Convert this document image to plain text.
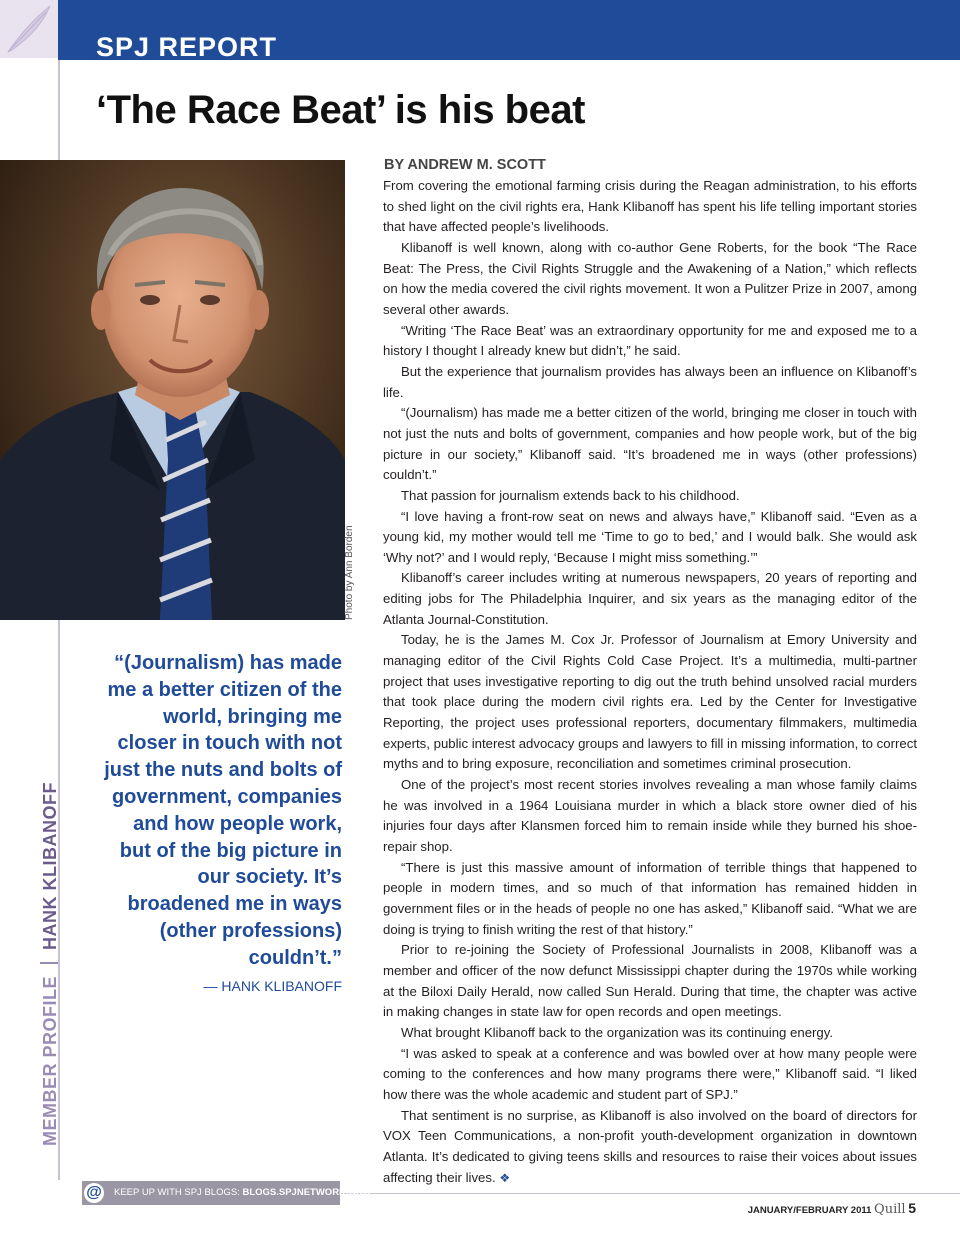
SPJ REPORT
‘The Race Beat’ is his beat
Photo by Ann Borden
MEMBER PROFILEHANK KLIBANOFF
“(Journalism) has made me a better citizen of the world, bringing me closer in touch with not just the nuts and bolts of government, companies and how people work, but of the big picture in our society. It’s broadened me in ways (other professions) couldn’t.”
— HANK KLIBANOFF
BY ANDREW M. SCOTT

From covering the emotional farming crisis during the Reagan administration, to his efforts to shed light on the civil rights era, Hank Klibanoff has spent his life telling important stories that have affected people’s livelihoods.

Klibanoff is well known, along with co-author Gene Roberts, for the book “The Race Beat: The Press, the Civil Rights Struggle and the Awakening of a Nation,” which reflects on how the media covered the civil rights movement. It won a Pulitzer Prize in 2007, among several other awards.

“Writing ‘The Race Beat’ was an extraordinary opportunity for me and exposed me to a history I thought I already knew but didn’t,” he said.

But the experience that journalism provides has always been an influence on Klibanoff’s life.

“(Journalism) has made me a better citizen of the world, bringing me closer in touch with not just the nuts and bolts of government, companies and how people work, but of the big picture in our society,” Klibanoff said. “It’s broadened me in ways (other professions) couldn’t.”

That passion for journalism extends back to his childhood.

“I love having a front-row seat on news and always have,” Klibanoff said. “Even as a young kid, my mother would tell me ‘Time to go to bed,’ and I would balk. She would ask ‘Why not?’ and I would reply, ‘Because I might miss something.’”

Klibanoff’s career includes writing at numerous newspapers, 20 years of reporting and editing jobs for The Philadelphia Inquirer, and six years as the managing editor of the Atlanta Journal-Constitution.

Today, he is the James M. Cox Jr. Professor of Journalism at Emory University and managing editor of the Civil Rights Cold Case Project. It’s a multimedia, multi-partner project that uses investigative reporting to dig out the truth behind unsolved racial murders that took place during the modern civil rights era. Led by the Center for Investigative Reporting, the project uses professional reporters, documentary filmmakers, multimedia experts, public interest advocacy groups and lawyers to fill in missing information, to correct myths and to bring exposure, reconciliation and sometimes criminal prosecution.

One of the project’s most recent stories involves revealing a man whose family claims he was involved in a 1964 Louisiana murder in which a black store owner died of his injuries four days after Klansmen forced him to remain inside while they burned his shoe-repair shop.

“There is just this massive amount of information of terrible things that happened to people in modern times, and so much of that information has remained hidden in government files or in the heads of people no one has asked,” Klibanoff said. “What we are doing is trying to finish writing the rest of that history.”

Prior to re-joining the Society of Professional Journalists in 2008, Klibanoff was a member and officer of the now defunct Mississippi chapter during the 1970s while working at the Biloxi Daily Herald, now called Sun Herald. During that time, the chapter was active in making changes in state law for open records and open meetings.

What brought Klibanoff back to the organization was its continuing energy.

“I was asked to speak at a conference and was bowled over at how many people were coming to the conferences and how many programs there were,” Klibanoff said. “I liked how there was the whole academic and student part of SPJ.”

That sentiment is no surprise, as Klibanoff is also involved on the board of directors for VOX Teen Communications, a non-profit youth-development organization in downtown Atlanta. It’s dedicated to giving teens skills and resources to raise their voices about issues affecting their lives. ❖

@ KEEP UP WITH SPJ BLOGS: BLOGS.SPJNETWORK.ORG
JANUARY/FEBRUARY 2011 Quill 5
